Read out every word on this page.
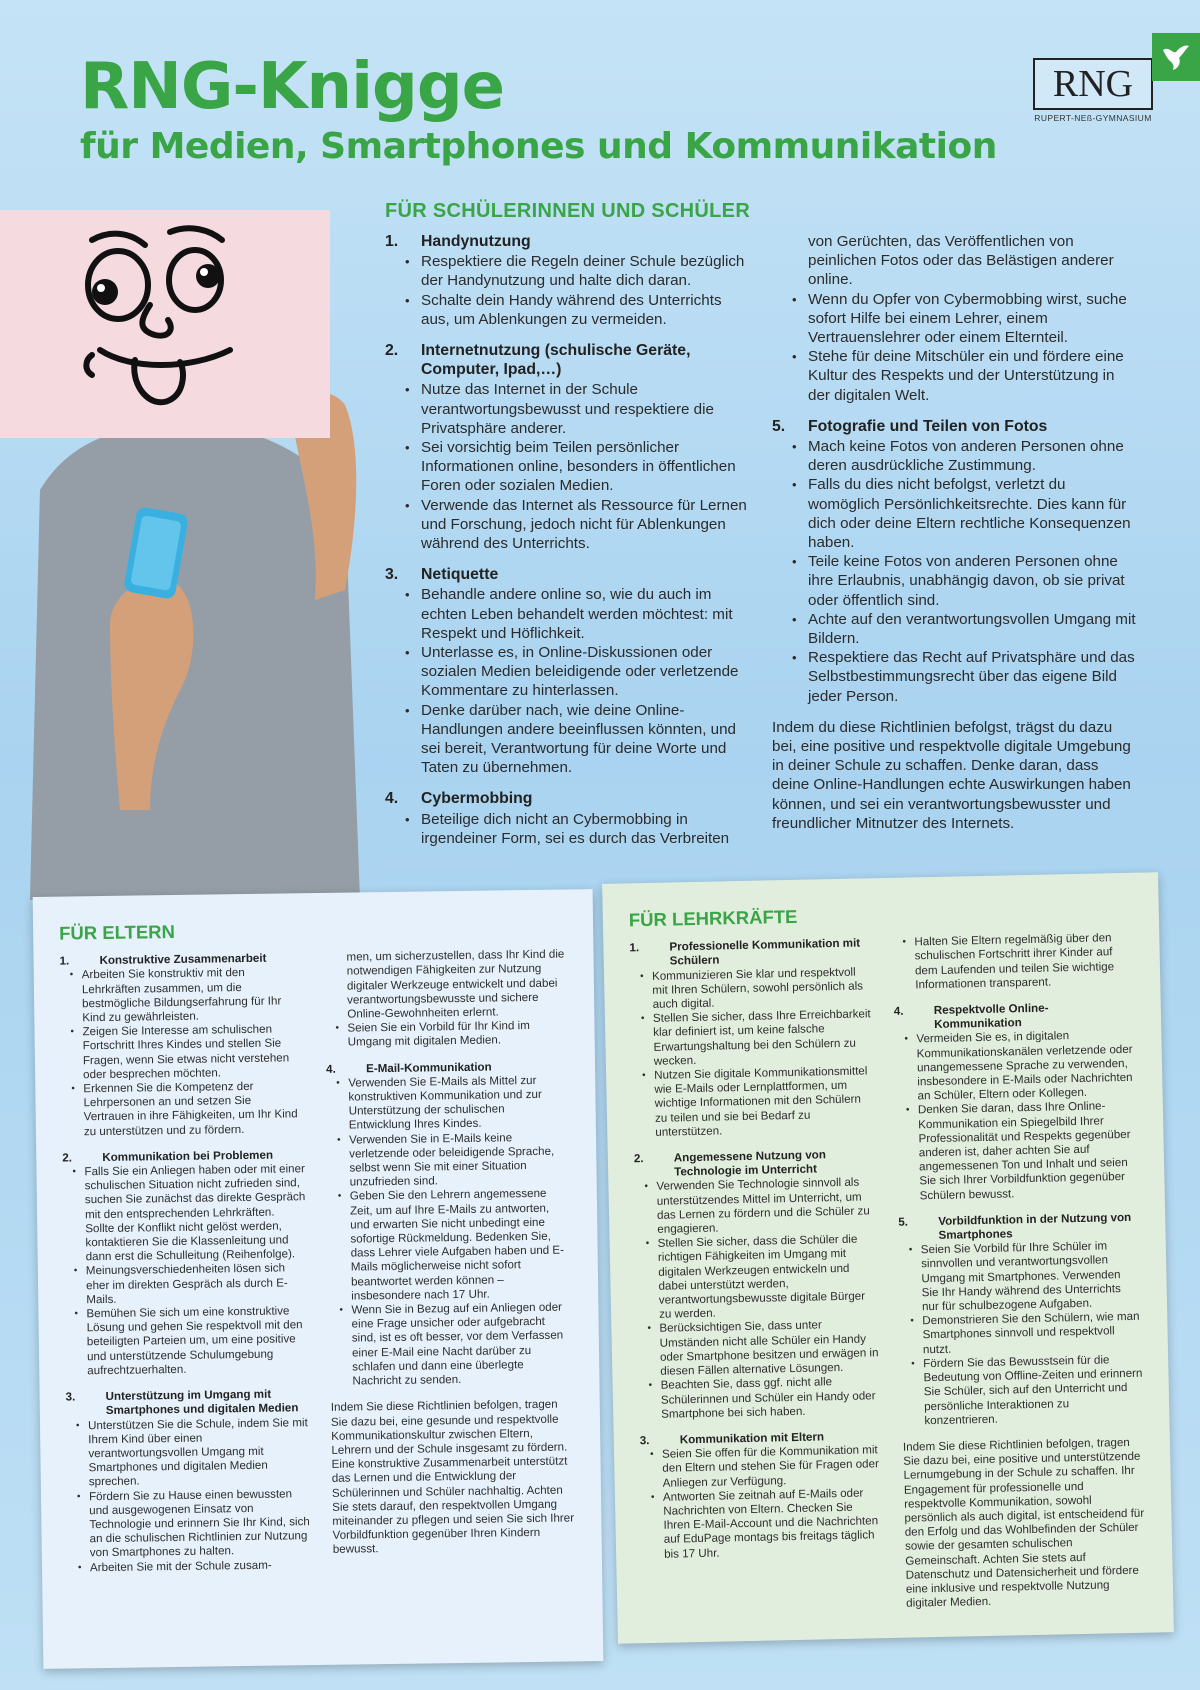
RNG-Knigge
für Medien, Smartphones und Kommunikation
RNG
RUPERT-NEß-GYMNASIUM
FÜR SCHÜLERINNEN UND SCHÜLER
1.	Handynutzung
• Respektiere die Regeln deiner Schule bezüglich der Handynutzung und halte dich daran.
• Schalte dein Handy während des Unterrichts aus, um Ablenkungen zu vermeiden.
2.	Internetnutzung (schulische Geräte, Computer, Ipad,…)
• Nutze das Internet in der Schule verantwortungsbewusst und respektiere die Privatsphäre anderer.
• Sei vorsichtig beim Teilen persönlicher Informationen online, besonders in öffentlichen Foren oder sozialen Medien.
• Verwende das Internet als Ressource für Lernen und Forschung, jedoch nicht für Ablenkungen während des Unterrichts.
3.	Netiquette
• Behandle andere online so, wie du auch im echten Leben behandelt werden möchtest: mit Respekt und Höflichkeit.
• Unterlasse es, in Online-Diskussionen oder sozialen Medien beleidigende oder verletzende Kommentare zu hinterlassen.
• Denke darüber nach, wie deine Online-Handlungen andere beeinflussen könnten, und sei bereit, Verantwortung für deine Worte und Taten zu übernehmen.
4.	Cybermobbing
• Beteilige dich nicht an Cybermobbing in irgendeiner Form, sei es durch das Verbreiten
von Gerüchten, das Veröffentlichen von peinlichen Fotos oder das Belästigen anderer online.
• Wenn du Opfer von Cybermobbing wirst, suche sofort Hilfe bei einem Lehrer, einem Vertrauenslehrer oder einem Elternteil.
• Stehe für deine Mitschüler ein und fördere eine Kultur des Respekts und der Unterstützung in der digitalen Welt.
5.	Fotografie und Teilen von Fotos
• Mach keine Fotos von anderen Personen ohne deren ausdrückliche Zustimmung.
• Falls du dies nicht befolgst, verletzt du womöglich Persönlichkeitsrechte. Dies kann für dich oder deine Eltern rechtliche Konsequenzen haben.
• Teile keine Fotos von anderen Personen ohne ihre Erlaubnis, unabhängig davon, ob sie privat oder öffentlich sind.
• Achte auf den verantwortungsvollen Umgang mit Bildern.
• Respektiere das Recht auf Privatsphäre und das Selbstbestimmungsrecht über das eigene Bild jeder Person.
Indem du diese Richtlinien befolgst, trägst du dazu bei, eine positive und respektvolle digitale Umgebung in deiner Schule zu schaffen. Denke daran, dass deine Online-Handlungen echte Auswirkungen haben können, und sei ein verantwortungsbewusster und freundlicher Mitnutzer des Internets.
FÜR ELTERN
1.	Konstruktive Zusammenarbeit
• Arbeiten Sie konstruktiv mit den Lehrkräften zusammen, um die bestmögliche Bildungserfahrung für Ihr Kind zu gewährleisten.
• Zeigen Sie Interesse am schulischen Fortschritt Ihres Kindes und stellen Sie Fragen, wenn Sie etwas nicht verstehen oder besprechen möchten.
• Erkennen Sie die Kompetenz der Lehrpersonen an und setzen Sie Vertrauen in ihre Fähigkeiten, um Ihr Kind zu unterstützen und zu fördern.
2.	Kommunikation bei Problemen
• Falls Sie ein Anliegen haben oder mit einer schulischen Situation nicht zufrieden sind, suchen Sie zunächst das direkte Gespräch mit den entsprechenden Lehrkräften. Sollte der Konflikt nicht gelöst werden, kontaktieren Sie die Klassenleitung und dann erst die Schulleitung (Reihenfolge).
• Meinungsverschiedenheiten lösen sich eher im direkten Gespräch als durch E-Mails.
• Bemühen Sie sich um eine konstruktive Lösung und gehen Sie respektvoll mit den beteiligten Parteien um, um eine positive und unterstützende Schulumgebung aufrechtzuerhalten.
3.	Unterstützung im Umgang mit Smartphones und digitalen Medien
• Unterstützen Sie die Schule, indem Sie mit Ihrem Kind über einen verantwortungsvollen Umgang mit Smartphones und digitalen Medien sprechen.
• Fördern Sie zu Hause einen bewussten und ausgewogenen Einsatz von Technologie und erinnern Sie Ihr Kind, sich an die schulischen Richtlinien zur Nutzung von Smartphones zu halten.
• Arbeiten Sie mit der Schule zusam-
men, um sicherzustellen, dass Ihr Kind die notwendigen Fähigkeiten zur Nutzung digitaler Werkzeuge entwickelt und dabei verantwortungsbewusste und sichere Online-Gewohnheiten erlernt.
• Seien Sie ein Vorbild für Ihr Kind im Umgang mit digitalen Medien.
4.	E-Mail-Kommunikation
• Verwenden Sie E-Mails als Mittel zur konstruktiven Kommunikation und zur Unterstützung der schulischen Entwicklung Ihres Kindes.
• Verwenden Sie in E-Mails keine verletzende oder beleidigende Sprache, selbst wenn Sie mit einer Situation unzufrieden sind.
• Geben Sie den Lehrern angemessene Zeit, um auf Ihre E-Mails zu antworten, und erwarten Sie nicht unbedingt eine sofortige Rückmeldung. Bedenken Sie, dass Lehrer viele Aufgaben haben und E-Mails möglicherweise nicht sofort beantwortet werden können – insbesondere nach 17 Uhr.
• Wenn Sie in Bezug auf ein Anliegen oder eine Frage unsicher oder aufgebracht sind, ist es oft besser, vor dem Verfassen einer E-Mail eine Nacht darüber zu schlafen und dann eine überlegte Nachricht zu senden.
Indem Sie diese Richtlinien befolgen, tragen Sie dazu bei, eine gesunde und respektvolle Kommunikationskultur zwischen Eltern, Lehrern und der Schule insgesamt zu fördern. Eine konstruktive Zusammenarbeit unterstützt das Lernen und die Entwicklung der Schülerinnen und Schüler nachhaltig. Achten Sie stets darauf, den respektvollen Umgang miteinander zu pflegen und seien Sie sich Ihrer Vorbildfunktion gegenüber Ihren Kindern bewusst.
FÜR LEHRKRÄFTE
1.	Professionelle Kommunikation mit Schülern
• Kommunizieren Sie klar und respektvoll mit Ihren Schülern, sowohl persönlich als auch digital.
• Stellen Sie sicher, dass Ihre Erreichbarkeit klar definiert ist, um keine falsche Erwartungshaltung bei den Schülern zu wecken.
• Nutzen Sie digitale Kommunikationsmittel wie E-Mails oder Lernplattformen, um wichtige Informationen mit den Schülern zu teilen und sie bei Bedarf zu unterstützen.
2.	Angemessene Nutzung von Technologie im Unterricht
• Verwenden Sie Technologie sinnvoll als unterstützendes Mittel im Unterricht, um das Lernen zu fördern und die Schüler zu engagieren.
• Stellen Sie sicher, dass die Schüler die richtigen Fähigkeiten im Umgang mit digitalen Werkzeugen entwickeln und dabei unterstützt werden, verantwortungsbewusste digitale Bürger zu werden.
• Berücksichtigen Sie, dass unter Umständen nicht alle Schüler ein Handy oder Smartphone besitzen und erwägen in diesen Fällen alternative Lösungen.
• Beachten Sie, dass ggf. nicht alle Schülerinnen und Schüler ein Handy oder Smartphone bei sich haben.
3.	Kommunikation mit Eltern
• Seien Sie offen für die Kommunikation mit den Eltern und stehen Sie für Fragen oder Anliegen zur Verfügung.
• Antworten Sie zeitnah auf E-Mails oder Nachrichten von Eltern. Checken Sie Ihren E-Mail-Account und die Nachrichten auf EduPage montags bis freitags täglich bis 17 Uhr.
• Halten Sie Eltern regelmäßig über den schulischen Fortschritt ihrer Kinder auf dem Laufenden und teilen Sie wichtige Informationen transparent.
4.	Respektvolle Online-Kommunikation
• Vermeiden Sie es, in digitalen Kommunikationskanälen verletzende oder unangemessene Sprache zu verwenden, insbesondere in E-Mails oder Nachrichten an Schüler, Eltern oder Kollegen.
• Denken Sie daran, dass Ihre Online-Kommunikation ein Spiegelbild Ihrer Professionalität und Respekts gegenüber anderen ist, daher achten Sie auf angemessenen Ton und Inhalt und seien Sie sich Ihrer Vorbildfunktion gegenüber Schülern bewusst.
5.	Vorbildfunktion in der Nutzung von Smartphones
• Seien Sie Vorbild für Ihre Schüler im sinnvollen und verantwortungsvollen Umgang mit Smartphones. Verwenden Sie Ihr Handy während des Unterrichts nur für schulbezogene Aufgaben.
• Demonstrieren Sie den Schülern, wie man Smartphones sinnvoll und respektvoll nutzt.
• Fördern Sie das Bewusstsein für die Bedeutung von Offline-Zeiten und erinnern Sie Schüler, sich auf den Unterricht und persönliche Interaktionen zu konzentrieren.
Indem Sie diese Richtlinien befolgen, tragen Sie dazu bei, eine positive und unterstützende Lernumgebung in der Schule zu schaffen. Ihr Engagement für professionelle und respektvolle Kommunikation, sowohl persönlich als auch digital, ist entscheidend für den Erfolg und das Wohlbefinden der Schüler sowie der gesamten schulischen Gemeinschaft. Achten Sie stets auf Datenschutz und Datensicherheit und fördere eine inklusive und respektvolle Nutzung digitaler Medien.
